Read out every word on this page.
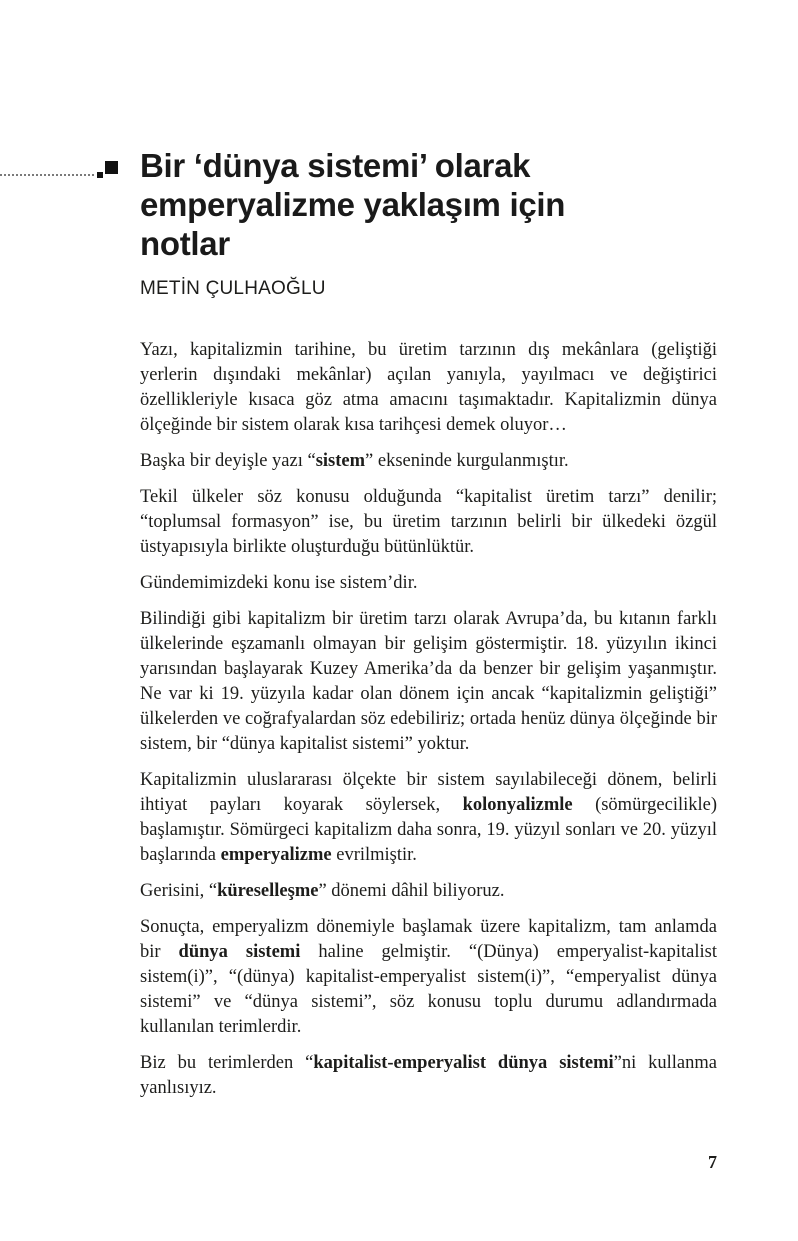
Bir ‘dünya sistemi’ olarak emperyalizme yaklaşım için notlar
METİN ÇULHAOĞLU

Yazı, kapitalizmin tarihine, bu üretim tarzının dış mekânlara (geliştiği yerlerin dışındaki mekânlar) açılan yanıyla, yayılmacı ve değiştirici özellikleriyle kısaca göz atma amacını taşımaktadır. Kapitalizmin dünya ölçeğinde bir sistem olarak kısa tarihçesi demek oluyor…

Başka bir deyişle yazı “sistem” ekseninde kurgulanmıştır.

Tekil ülkeler söz konusu olduğunda “kapitalist üretim tarzı” denilir; “toplumsal formasyon” ise, bu üretim tarzının belirli bir ülkedeki özgül üstyapısıyla birlikte oluşturduğu bütünlüktür.

Gündemimizdeki konu ise sistem’dir.

Bilindiği gibi kapitalizm bir üretim tarzı olarak Avrupa’da, bu kıtanın farklı ülkelerinde eşzamanlı olmayan bir gelişim göstermiştir. 18. yüzyılın ikinci yarısından başlayarak Kuzey Amerika’da da benzer bir gelişim yaşanmıştır. Ne var ki 19. yüzyıla kadar olan dönem için ancak “kapitalizmin geliştiği” ülkelerden ve coğrafyalardan söz edebiliriz; ortada henüz dünya ölçeğinde bir sistem, bir “dünya kapitalist sistemi” yoktur.

Kapitalizmin uluslararası ölçekte bir sistem sayılabileceği dönem, belirli ihtiyat payları koyarak söylersek, kolonyalizmle (sömürgecilikle) başlamıştır. Sömürgeci kapitalizm daha sonra, 19. yüzyıl sonları ve 20. yüzyıl başlarında emperyalizme evrilmiştir.

Gerisini, “küreselleşme” dönemi dâhil biliyoruz.

Sonuçta, emperyalizm dönemiyle başlamak üzere kapitalizm, tam anlamda bir dünya sistemi haline gelmiştir. “(Dünya) emperyalist-kapitalist sistem(i)”, “(dünya) kapitalist-emperyalist sistem(i)”, “emperyalist dünya sistemi” ve “dünya sistemi”, söz konusu toplu durumu adlandırmada kullanılan terimlerdir.

Biz bu terimlerden “kapitalist-emperyalist dünya sistemi”ni kullanma yanlısıyız.

7
